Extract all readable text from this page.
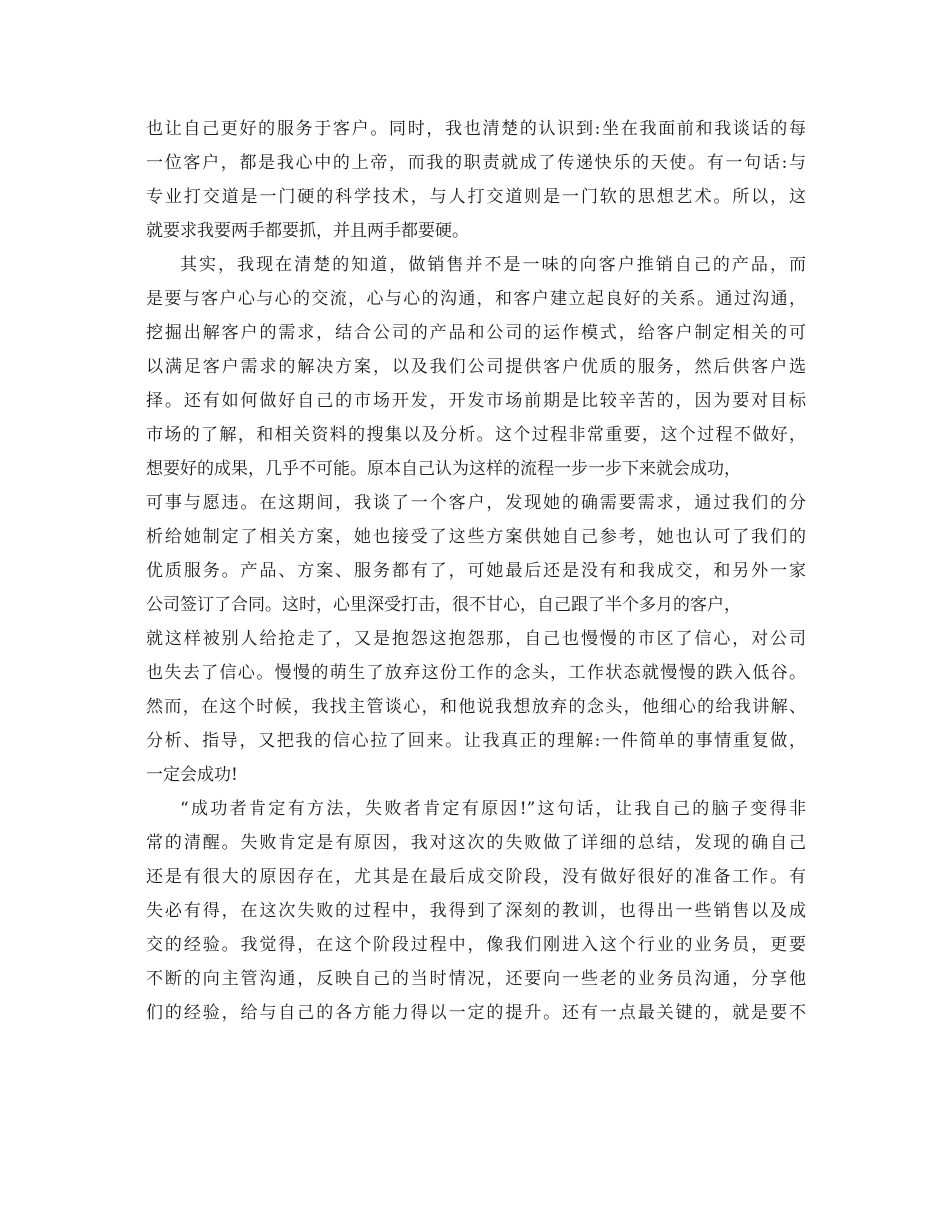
也让自己更好的服务于客户。同时，我也清楚的认识到:坐在我面前和我谈话的每
一位客户，都是我心中的上帝，而我的职责就成了传递快乐的天使。有一句话:与
专业打交道是一门硬的科学技术，与人打交道则是一门软的思想艺术。所以，这
就要求我要两手都要抓，并且两手都要硬。
其实，我现在清楚的知道，做销售并不是一味的向客户推销自己的产品，而
是要与客户心与心的交流，心与心的沟通，和客户建立起良好的关系。通过沟通，
挖掘出解客户的需求，结合公司的产品和公司的运作模式，给客户制定相关的可
以满足客户需求的解决方案，以及我们公司提供客户优质的服务，然后供客户选
择。还有如何做好自己的市场开发，开发市场前期是比较辛苦的，因为要对目标
市场的了解，和相关资料的搜集以及分析。这个过程非常重要，这个过程不做好，
想要好的成果，几乎不可能。原本自己认为这样的流程一步一步下来就会成功，
可事与愿违。在这期间，我谈了一个客户，发现她的确需要需求，通过我们的分
析给她制定了相关方案，她也接受了这些方案供她自己参考，她也认可了我们的
优质服务。产品、方案、服务都有了，可她最后还是没有和我成交，和另外一家
公司签订了合同。这时，心里深受打击，很不甘心，自己跟了半个多月的客户，
就这样被别人给抢走了，又是抱怨这抱怨那，自己也慢慢的市区了信心，对公司
也失去了信心。慢慢的萌生了放弃这份工作的念头，工作状态就慢慢的跌入低谷。
然而，在这个时候，我找主管谈心，和他说我想放弃的念头，他细心的给我讲解、
分析、指导，又把我的信心拉了回来。让我真正的理解:一件简单的事情重复做，
一定会成功!
“成功者肯定有方法，失败者肯定有原因!”这句话，让我自己的脑子变得非
常的清醒。失败肯定是有原因，我对这次的失败做了详细的总结，发现的确自己
还是有很大的原因存在，尤其是在最后成交阶段，没有做好很好的准备工作。有
失必有得，在这次失败的过程中，我得到了深刻的教训，也得出一些销售以及成
交的经验。我觉得，在这个阶段过程中，像我们刚进入这个行业的业务员，更要
不断的向主管沟通，反映自己的当时情况，还要向一些老的业务员沟通，分享他
们的经验，给与自己的各方能力得以一定的提升。还有一点最关键的，就是要不
